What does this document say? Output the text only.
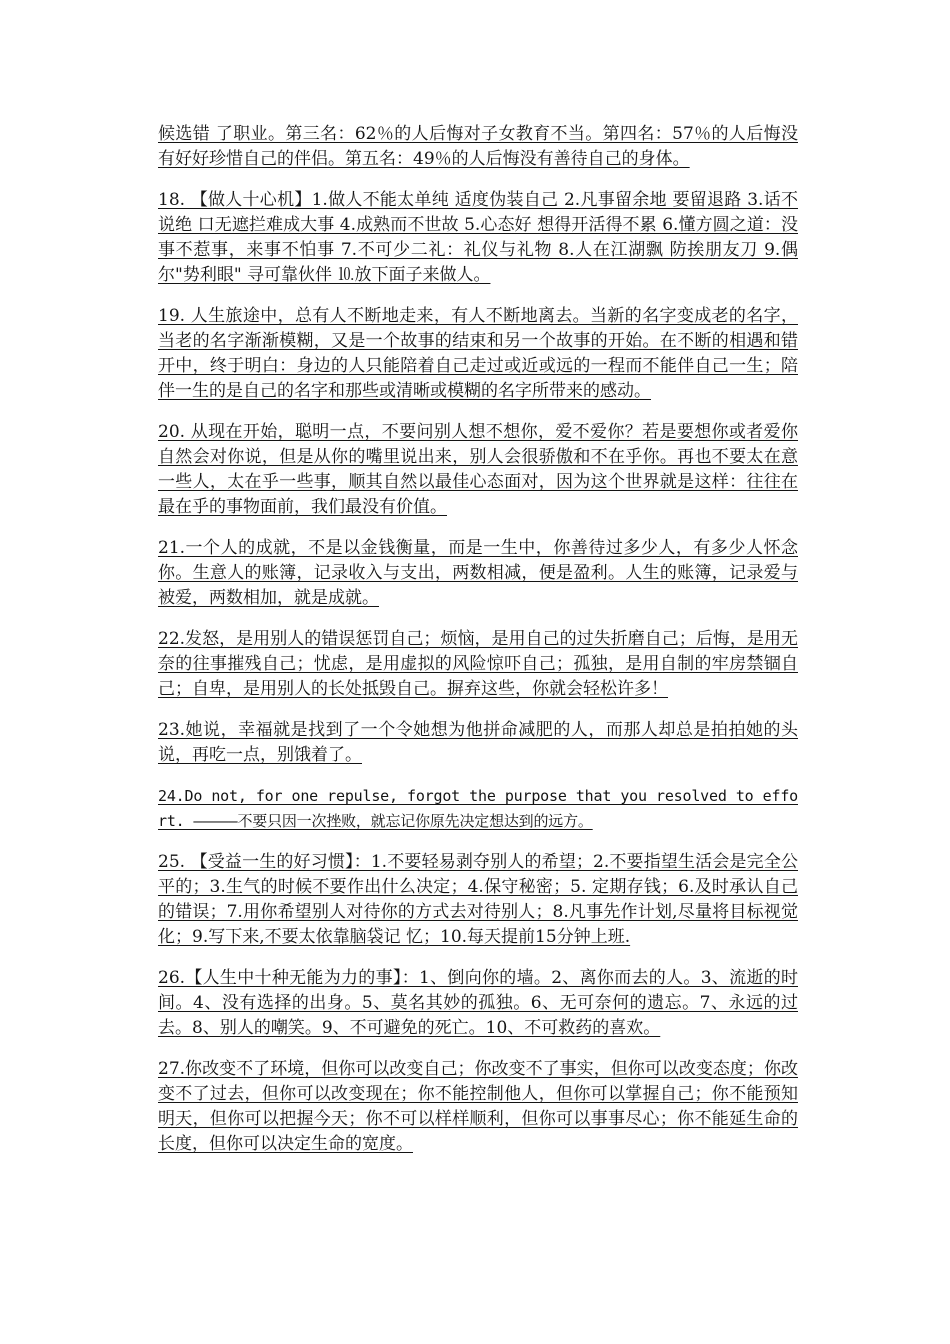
候选错 了职业。第三名：62％的人后悔对子女教育不当。第四名：57％的人后悔没有好好珍惜自己的伴侣。第五名：49％的人后悔没有善待自己的身体。

18. 【做人十心机】1.做人不能太单纯 适度伪装自己 2.凡事留余地 要留退路 3.话不说绝 口无遮拦难成大事 4.成熟而不世故 5.心态好 想得开活得不累 6.懂方圆之道：没事不惹事，来事不怕事 7.不可少二礼：礼仪与礼物 8.人在江湖飘 防挨朋友刀 9.偶尔"势利眼" 寻可靠伙伴 ⒑放下面子来做人。

19. 人生旅途中，总有人不断地走来，有人不断地离去。当新的名字变成老的名字，当老的名字渐渐模糊，又是一个故事的结束和另一个故事的开始。在不断的相遇和错 开中，终于明白：身边的人只能陪着自己走过或近或远的一程而不能伴自己一生；陪伴一生的是自己的名字和那些或清晰或模糊的名字所带来的感动。

20. 从现在开始，聪明一点，不要问别人想不想你，爱不爱你？若是要想你或者爱你自然会对你说，但是从你的嘴里说出来，别人会很骄傲和不在乎你。再也不要太在意 一些人，太在乎一些事，顺其自然以最佳心态面对，因为这个世界就是这样：往往在最在乎的事物面前，我们最没有价值。

21.一个人的成就，不是以金钱衡量，而是一生中，你善待过多少人，有多少人怀念你。生意人的账簿，记录收入与支出，两数相减，便是盈利。人生的账簿，记录爱与被爱，两数相加，就是成就。

22.发怒，是用别人的错误惩罚自己；烦恼，是用自己的过失折磨自己；后悔，是用无奈的往事摧残自己；忧虑，是用虚拟的风险惊吓自己；孤独，是用自制的牢房禁锢自己；自卑，是用别人的长处抵毁自己。摒弃这些，你就会轻松许多！

23.她说，幸福就是找到了一个令她想为他拼命减肥的人，而那人却总是拍拍她的头说，再吃一点，别饿着了。

24.Do not, for one repulse, forgot the purpose that you resolved to effort. —————不要只因一次挫败，就忘记你原先决定想达到的远方。

25. 【受益一生的好习惯】：1.不要轻易剥夺别人的希望；2.不要指望生活会是完全公平的；3.生气的时候不要作出什么决定；4.保守秘密；5. 定期存钱；6.及时承认自己的错误；7.用你希望别人对待你的方式去对待别人；8.凡事先作计划,尽量将目标视觉化；9.写下来,不要太依靠脑袋记 忆；10.每天提前15分钟上班.

26.【人生中十种无能为力的事】：1、倒向你的墙。2、离你而去的人。3、流逝的时间。4、没有选择的出身。5、莫名其妙的孤独。6、无可奈何的遗忘。7、永远的过去。8、别人的嘲笑。9、不可避免的死亡。10、不可救药的喜欢。

27.你改变不了环境，但你可以改变自己；你改变不了事实，但你可以改变态度；你改变不了过去，但你可以改变现在；你不能控制他人，但你可以掌握自己；你不能预知明天，但你可以把握今天；你不可以样样顺利，但你可以事事尽心；你不能延生命的长度，但你可以决定生命的宽度。
